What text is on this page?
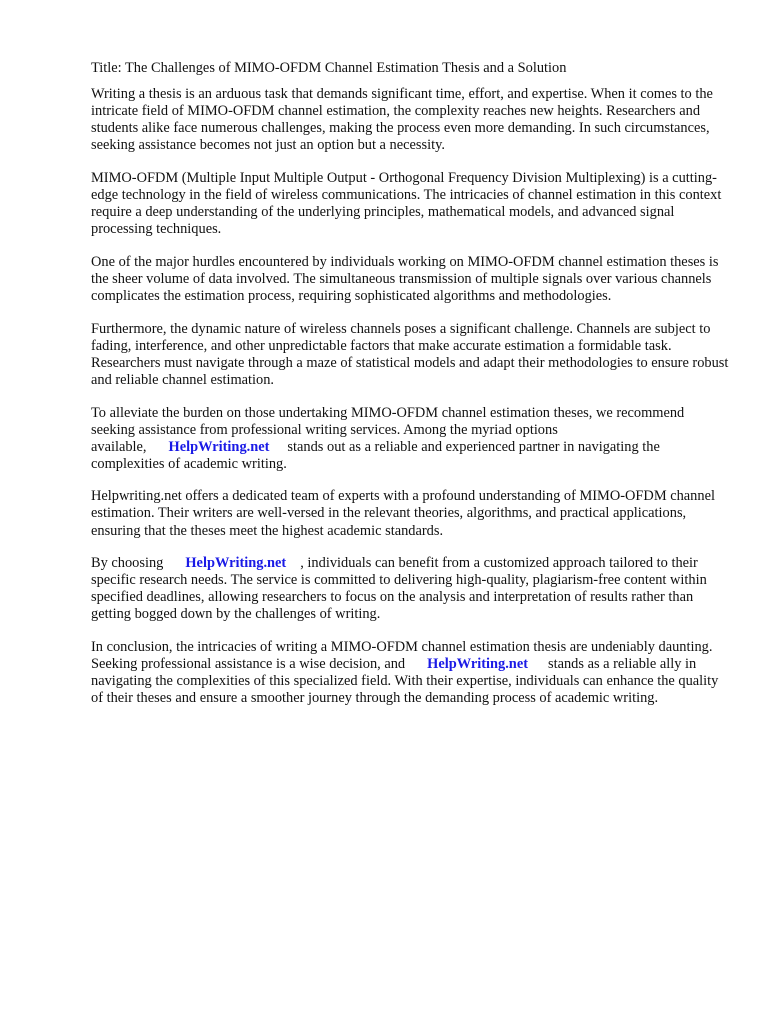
Title: The Challenges of MIMO-OFDM Channel Estimation Thesis and a Solution

Writing a thesis is an arduous task that demands significant time, effort, and expertise. When it comes to the intricate field of MIMO-OFDM channel estimation, the complexity reaches new heights. Researchers and students alike face numerous challenges, making the process even more demanding. In such circumstances, seeking assistance becomes not just an option but a necessity.

MIMO-OFDM (Multiple Input Multiple Output - Orthogonal Frequency Division Multiplexing) is a cutting-edge technology in the field of wireless communications. The intricacies of channel estimation in this context require a deep understanding of the underlying principles, mathematical models, and advanced signal processing techniques.

One of the major hurdles encountered by individuals working on MIMO-OFDM channel estimation theses is the sheer volume of data involved. The simultaneous transmission of multiple signals over various channels complicates the estimation process, requiring sophisticated algorithms and methodologies.

Furthermore, the dynamic nature of wireless channels poses a significant challenge. Channels are subject to fading, interference, and other unpredictable factors that make accurate estimation a formidable task. Researchers must navigate through a maze of statistical models and adapt their methodologies to ensure robust and reliable channel estimation.

To alleviate the burden on those undertaking MIMO-OFDM channel estimation theses, we recommend seeking assistance from professional writing services. Among the myriad options available, HelpWriting.net stands out as a reliable and experienced partner in navigating the complexities of academic writing.

Helpwriting.net offers a dedicated team of experts with a profound understanding of MIMO-OFDM channel estimation. Their writers are well-versed in the relevant theories, algorithms, and practical applications, ensuring that the theses meet the highest academic standards.

By choosing HelpWriting.net , individuals can benefit from a customized approach tailored to their specific research needs. The service is committed to delivering high-quality, plagiarism-free content within specified deadlines, allowing researchers to focus on the analysis and interpretation of results rather than getting bogged down by the challenges of writing.

In conclusion, the intricacies of writing a MIMO-OFDM channel estimation thesis are undeniably daunting. Seeking professional assistance is a wise decision, and HelpWriting.net stands as a reliable ally in navigating the complexities of this specialized field. With their expertise, individuals can enhance the quality of their theses and ensure a smoother journey through the demanding process of academic writing.
